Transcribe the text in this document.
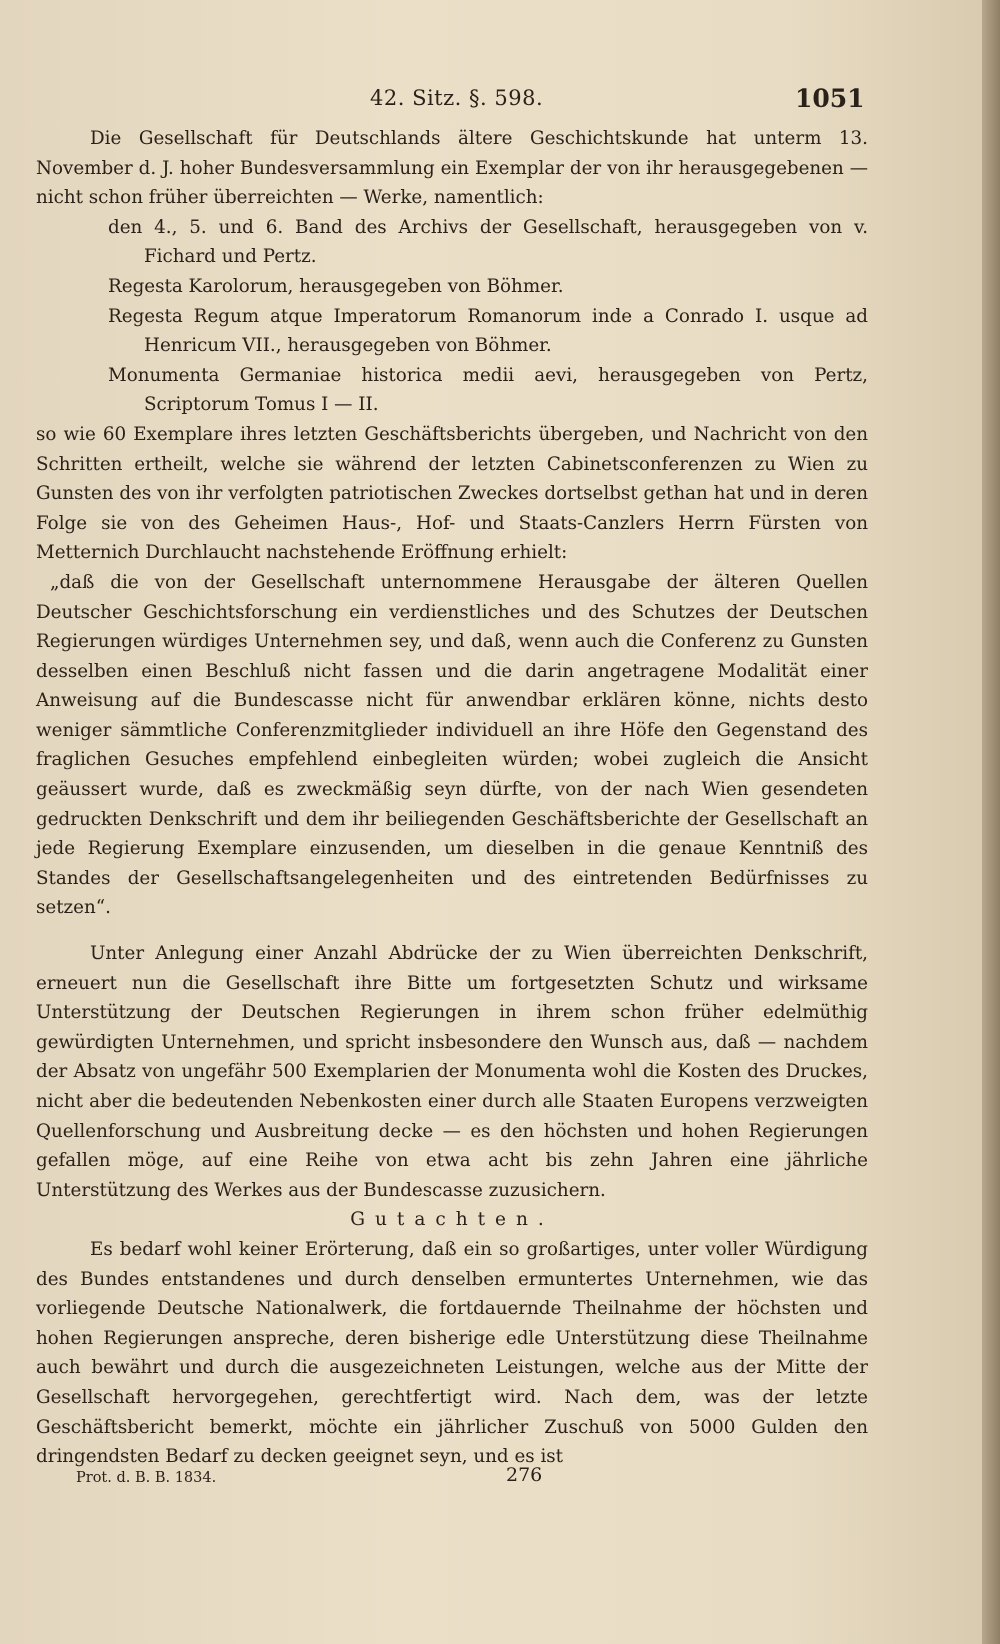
42. Sitz. §. 598.	1051

Die Gesellschaft für Deutschlands ältere Geschichtskunde hat unterm 13. November d. J. hoher Bundesversammlung ein Exemplar der von ihr herausgegebenen — nicht schon früher überreichten — Werke, namentlich:

den 4., 5. und 6. Band des Archivs der Gesellschaft, herausgegeben von v. Fichard und Pertz.
Regesta Karolorum, herausgegeben von Böhmer.
Regesta Regum atque Imperatorum Romanorum inde a Conrado I. usque ad Henricum VII., herausgegeben von Böhmer.
Monumenta Germaniae historica medii aevi, herausgegeben von Pertz, Scriptorum Tomus I — II.

so wie 60 Exemplare ihres letzten Geschäftsberichts übergeben, und Nachricht von den Schritten ertheilt, welche sie während der letzten Cabinetsconferenzen zu Wien zu Gunsten des von ihr verfolgten patriotischen Zweckes dortselbst gethan hat und in deren Folge sie von des Geheimen Haus-, Hof- und Staats-Canzlers Herrn Fürsten von Metternich Durchlaucht nachstehende Eröffnung erhielt:

„daß die von der Gesellschaft unternommene Herausgabe der älteren Quellen Deutscher Geschichtsforschung ein verdienstliches und des Schutzes der Deutschen Regierungen würdiges Unternehmen sey, und daß, wenn auch die Conferenz zu Gunsten desselben einen Beschluß nicht fassen und die darin angetragene Modalität einer Anweisung auf die Bundescasse nicht für anwendbar erklären könne, nichts desto weniger sämmtliche Conferenzmitglieder individuell an ihre Höfe den Gegenstand des fraglichen Gesuches empfehlend einbegleiten würden; wobei zugleich die Ansicht geäussert wurde, daß es zweckmäßig seyn dürfte, von der nach Wien gesendeten gedruckten Denkschrift und dem ihr beiliegenden Geschäftsberichte der Gesellschaft an jede Regierung Exemplare einzusenden, um dieselben in die genaue Kenntniß des Standes der Gesellschaftsangelegenheiten und des eintretenden Bedürfnisses zu setzen“.

Unter Anlegung einer Anzahl Abdrücke der zu Wien überreichten Denkschrift, erneuert nun die Gesellschaft ihre Bitte um fortgesetzten Schutz und wirksame Unterstützung der Deutschen Regierungen in ihrem schon früher edelmüthig gewürdigten Unternehmen, und spricht insbesondere den Wunsch aus, daß — nachdem der Absatz von ungefähr 500 Exemplarien der Monumenta wohl die Kosten des Druckes, nicht aber die bedeutenden Nebenkosten einer durch alle Staaten Europens verzweigten Quellenforschung und Ausbreitung decke — es den höchsten und hohen Regierungen gefallen möge, auf eine Reihe von etwa acht bis zehn Jahren eine jährliche Unterstützung des Werkes aus der Bundescasse zuzusichern.

Gutachten.

Es bedarf wohl keiner Erörterung, daß ein so großartiges, unter voller Würdigung des Bundes entstandenes und durch denselben ermuntertes Unternehmen, wie das vorliegende Deutsche Nationalwerk, die fortdauernde Theilnahme der höchsten und hohen Regierungen anspreche, deren bisherige edle Unterstützung diese Theilnahme auch bewährt und durch die ausgezeichneten Leistungen, welche aus der Mitte der Gesellschaft hervorgegehen, gerechtfertigt wird. Nach dem, was der letzte Geschäftsbericht bemerkt, möchte ein jährlicher Zuschuß von 5000 Gulden den dringendsten Bedarf zu decken geeignet seyn, und es ist

Prot. d. B. B. 1834.	276
